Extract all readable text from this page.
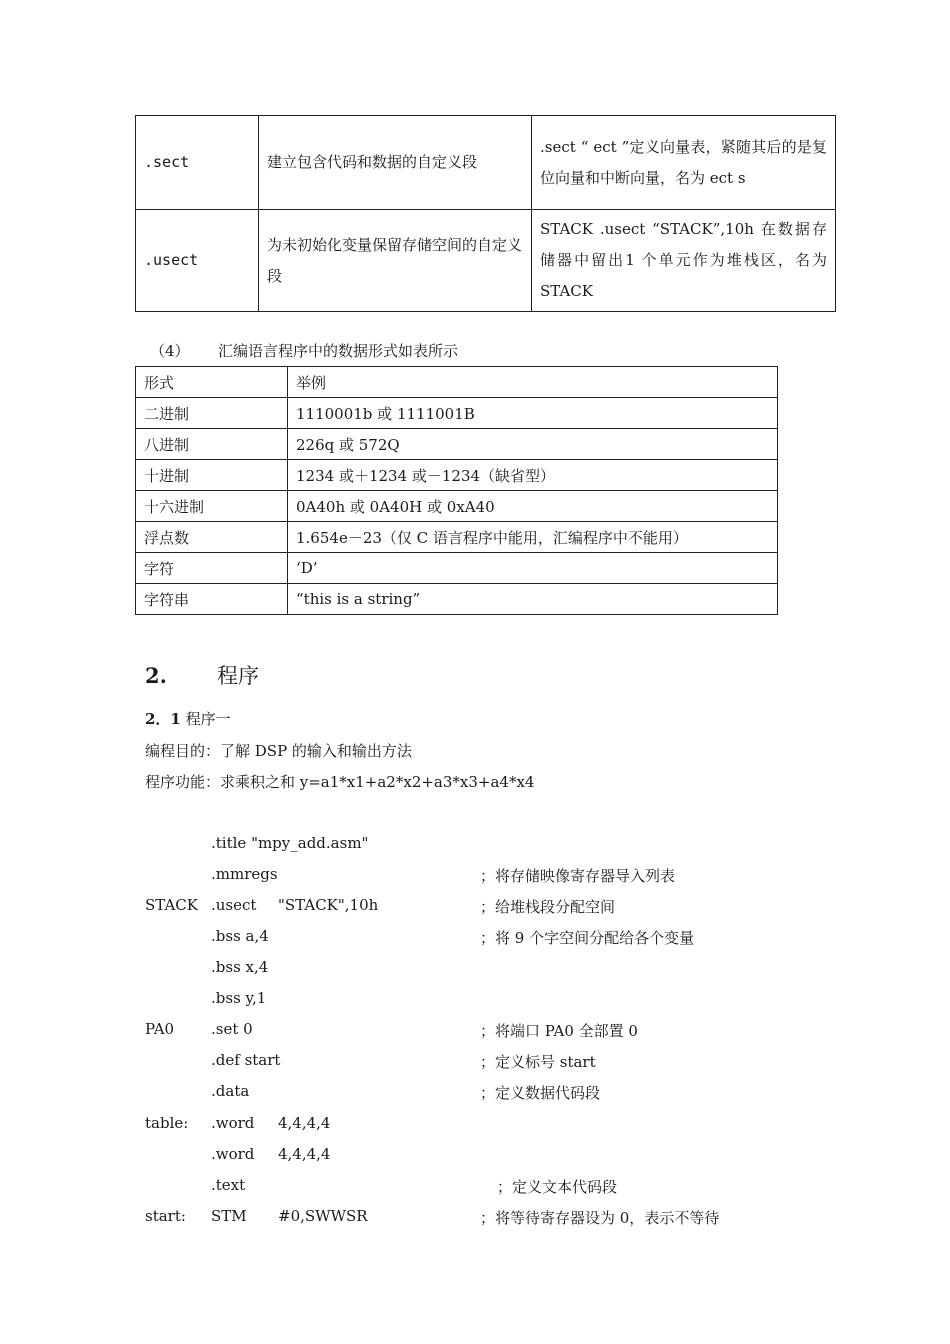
.sect	建立包含代码和数据的自定义段	.sect “ ect ”定义向量表，紧随其后的是复位向量和中断向量，名为 ect s
.usect	为未初始化变量保留存储空间的自定义段	STACK .usect “STACK”,10h 在数据存储器中留出1 个单元作为堆栈区，名为STACK
（4） 汇编语言程序中的数据形式如表所示
形式	举例
二进制	1110001b 或 1111001B
八进制	226q 或 572Q
十进制	1234 或＋1234 或－1234（缺省型）
十六进制	0A40h 或 0A40H 或 0xA40
浮点数	1.654e－23（仅 C 语言程序中能用，汇编程序中不能用）
字符	‘D’
字符串	“this is a string”
2. 程序
2．1 程序一
编程目的：了解 DSP 的输入和输出方法
程序功能：求乘积之和 y=a1*x1+a2*x2+a3*x3+a4*x4
.title "mpy_add.asm"
.mmregs	；将存储映像寄存器导入列表
STACK .usect "STACK",10h	；给堆栈段分配空间
.bss a,4	；将 9 个字空间分配给各个变量
.bss x,4
.bss y,1
PA0 .set 0	；将端口 PA0 全部置 0
.def start	；定义标号 start
.data	；定义数据代码段
table: .word 4,4,4,4
.word 4,4,4,4
.text	；定义文本代码段
start: STM #0,SWWSR	；将等待寄存器设为 0，表示不等待
